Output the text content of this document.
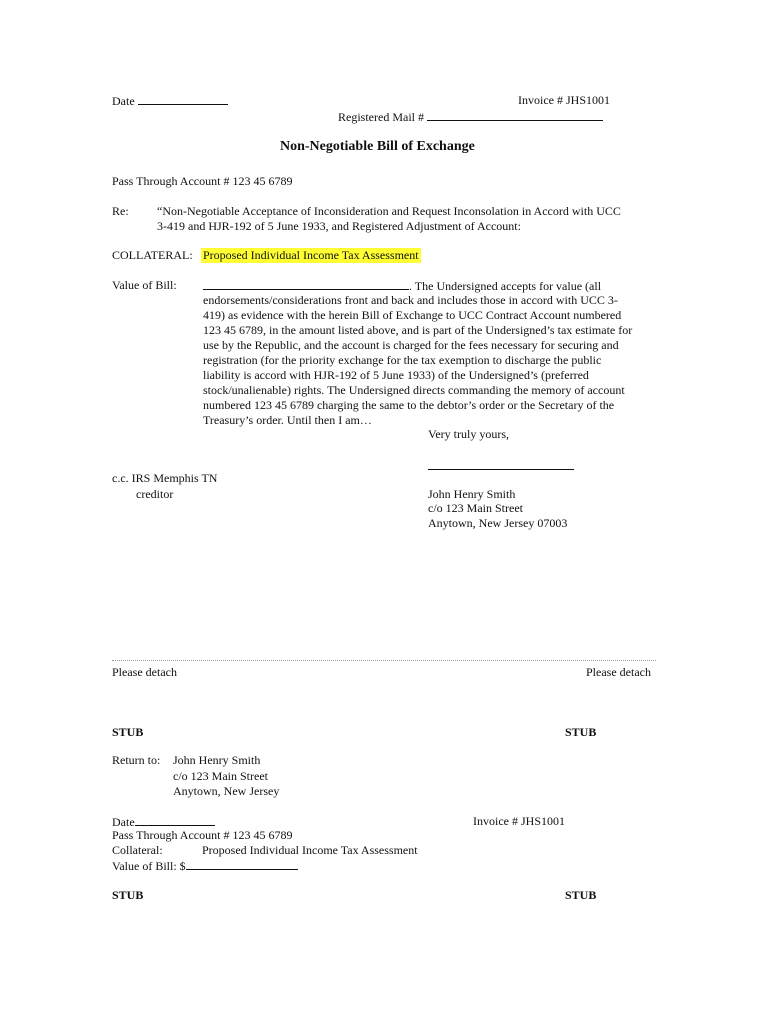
Date	Invoice # JHS1001
Registered Mail #
Non-Negotiable Bill of Exchange
Pass Through Account # 123 45 6789
Re: “Non-Negotiable Acceptance of Inconsideration and Request Inconsolation in Accord with UCC
3-419 and HJR-192 of 5 June 1933, and Registered Adjustment of Account:
COLLATERAL: Proposed Individual Income Tax Assessment
Value of Bill:	. The Undersigned accepts for value (all
endorsements/considerations front and back and includes those in accord with UCC 3-
419) as evidence with the herein Bill of Exchange to UCC Contract Account numbered
123 45 6789, in the amount listed above, and is part of the Undersigned’s tax estimate for
use by the Republic, and the account is charged for the fees necessary for securing and
registration (for the priority exchange for the tax exemption to discharge the public
liability is accord with HJR-192 of 5 June 1933) of the Undersigned’s (preferred
stock/unalienable) rights. The Undersigned directs commanding the memory of account
numbered 123 45 6789 charging the same to the debtor’s order or the Secretary of the
Treasury’s order. Until then I am…
Very truly yours,
c.c. IRS Memphis TN
creditor	John Henry Smith
c/o 123 Main Street
Anytown, New Jersey 07003
Please detach	Please detach
STUB	STUB
Return to: John Henry Smith
c/o 123 Main Street
Anytown, New Jersey
Date	Invoice # JHS1001
Pass Through Account # 123 45 6789
Collateral:	Proposed Individual Income Tax Assessment
Value of Bill: $
STUB	STUB
